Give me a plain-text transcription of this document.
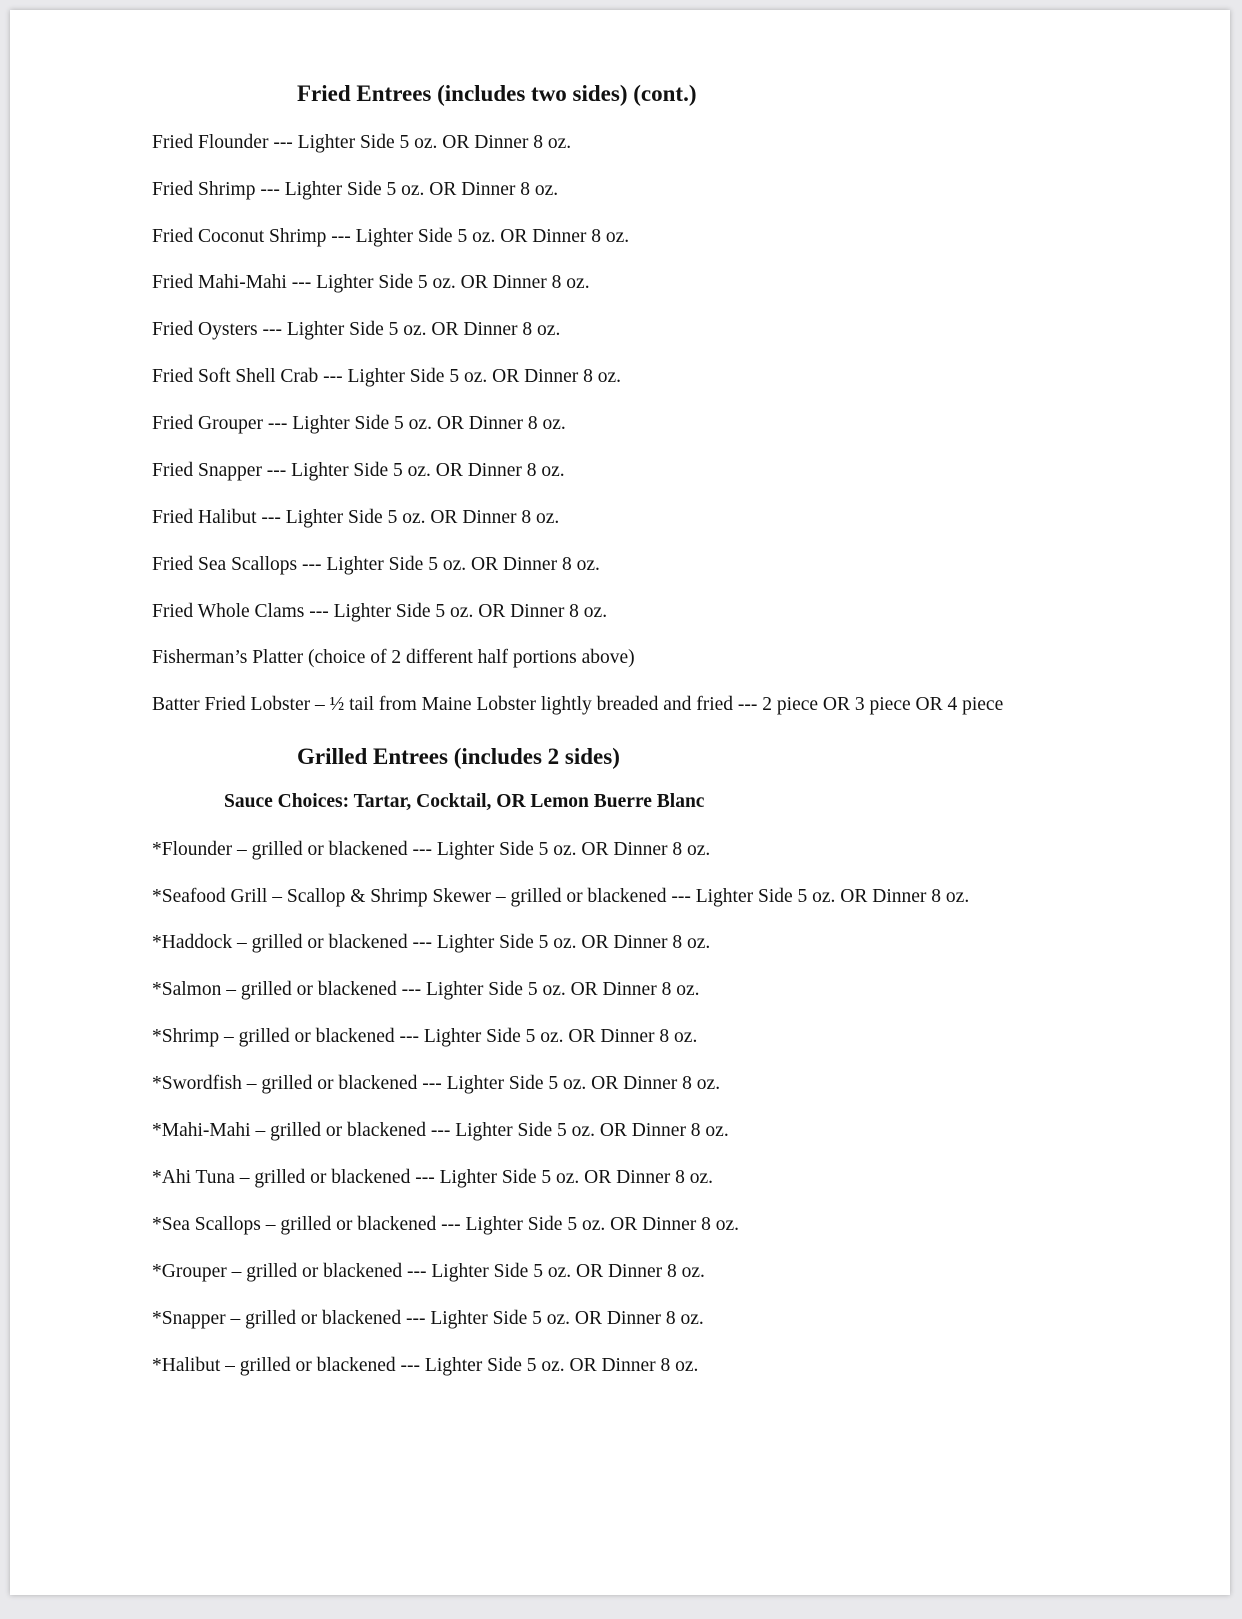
Fried Entrees (includes two sides) (cont.)

Fried Flounder --- Lighter Side 5 oz. OR Dinner 8 oz.

Fried Shrimp --- Lighter Side 5 oz. OR Dinner 8 oz.

Fried Coconut Shrimp --- Lighter Side 5 oz. OR Dinner 8 oz.

Fried Mahi-Mahi --- Lighter Side 5 oz. OR Dinner 8 oz.

Fried Oysters --- Lighter Side 5 oz. OR Dinner 8 oz.

Fried Soft Shell Crab --- Lighter Side 5 oz. OR Dinner 8 oz.

Fried Grouper --- Lighter Side 5 oz. OR Dinner 8 oz.

Fried Snapper --- Lighter Side 5 oz. OR Dinner 8 oz.

Fried Halibut --- Lighter Side 5 oz. OR Dinner 8 oz.

Fried Sea Scallops --- Lighter Side 5 oz. OR Dinner 8 oz.

Fried Whole Clams --- Lighter Side 5 oz. OR Dinner 8 oz.

Fisherman’s Platter (choice of 2 different half portions above)

Batter Fried Lobster – ½ tail from Maine Lobster lightly breaded and fried --- 2 piece OR 3 piece OR 4 piece

Grilled Entrees (includes 2 sides)

Sauce Choices: Tartar, Cocktail, OR Lemon Buerre Blanc

*Flounder – grilled or blackened --- Lighter Side 5 oz. OR Dinner 8 oz.

*Seafood Grill – Scallop & Shrimp Skewer – grilled or blackened --- Lighter Side 5 oz. OR Dinner 8 oz.

*Haddock – grilled or blackened --- Lighter Side 5 oz. OR Dinner 8 oz.

*Salmon – grilled or blackened --- Lighter Side 5 oz. OR Dinner 8 oz.

*Shrimp – grilled or blackened --- Lighter Side 5 oz. OR Dinner 8 oz.

*Swordfish – grilled or blackened --- Lighter Side 5 oz. OR Dinner 8 oz.

*Mahi-Mahi – grilled or blackened --- Lighter Side 5 oz. OR Dinner 8 oz.

*Ahi Tuna – grilled or blackened --- Lighter Side 5 oz. OR Dinner 8 oz.

*Sea Scallops – grilled or blackened --- Lighter Side 5 oz. OR Dinner 8 oz.

*Grouper – grilled or blackened --- Lighter Side 5 oz. OR Dinner 8 oz.

*Snapper – grilled or blackened --- Lighter Side 5 oz. OR Dinner 8 oz.

*Halibut – grilled or blackened --- Lighter Side 5 oz. OR Dinner 8 oz.
